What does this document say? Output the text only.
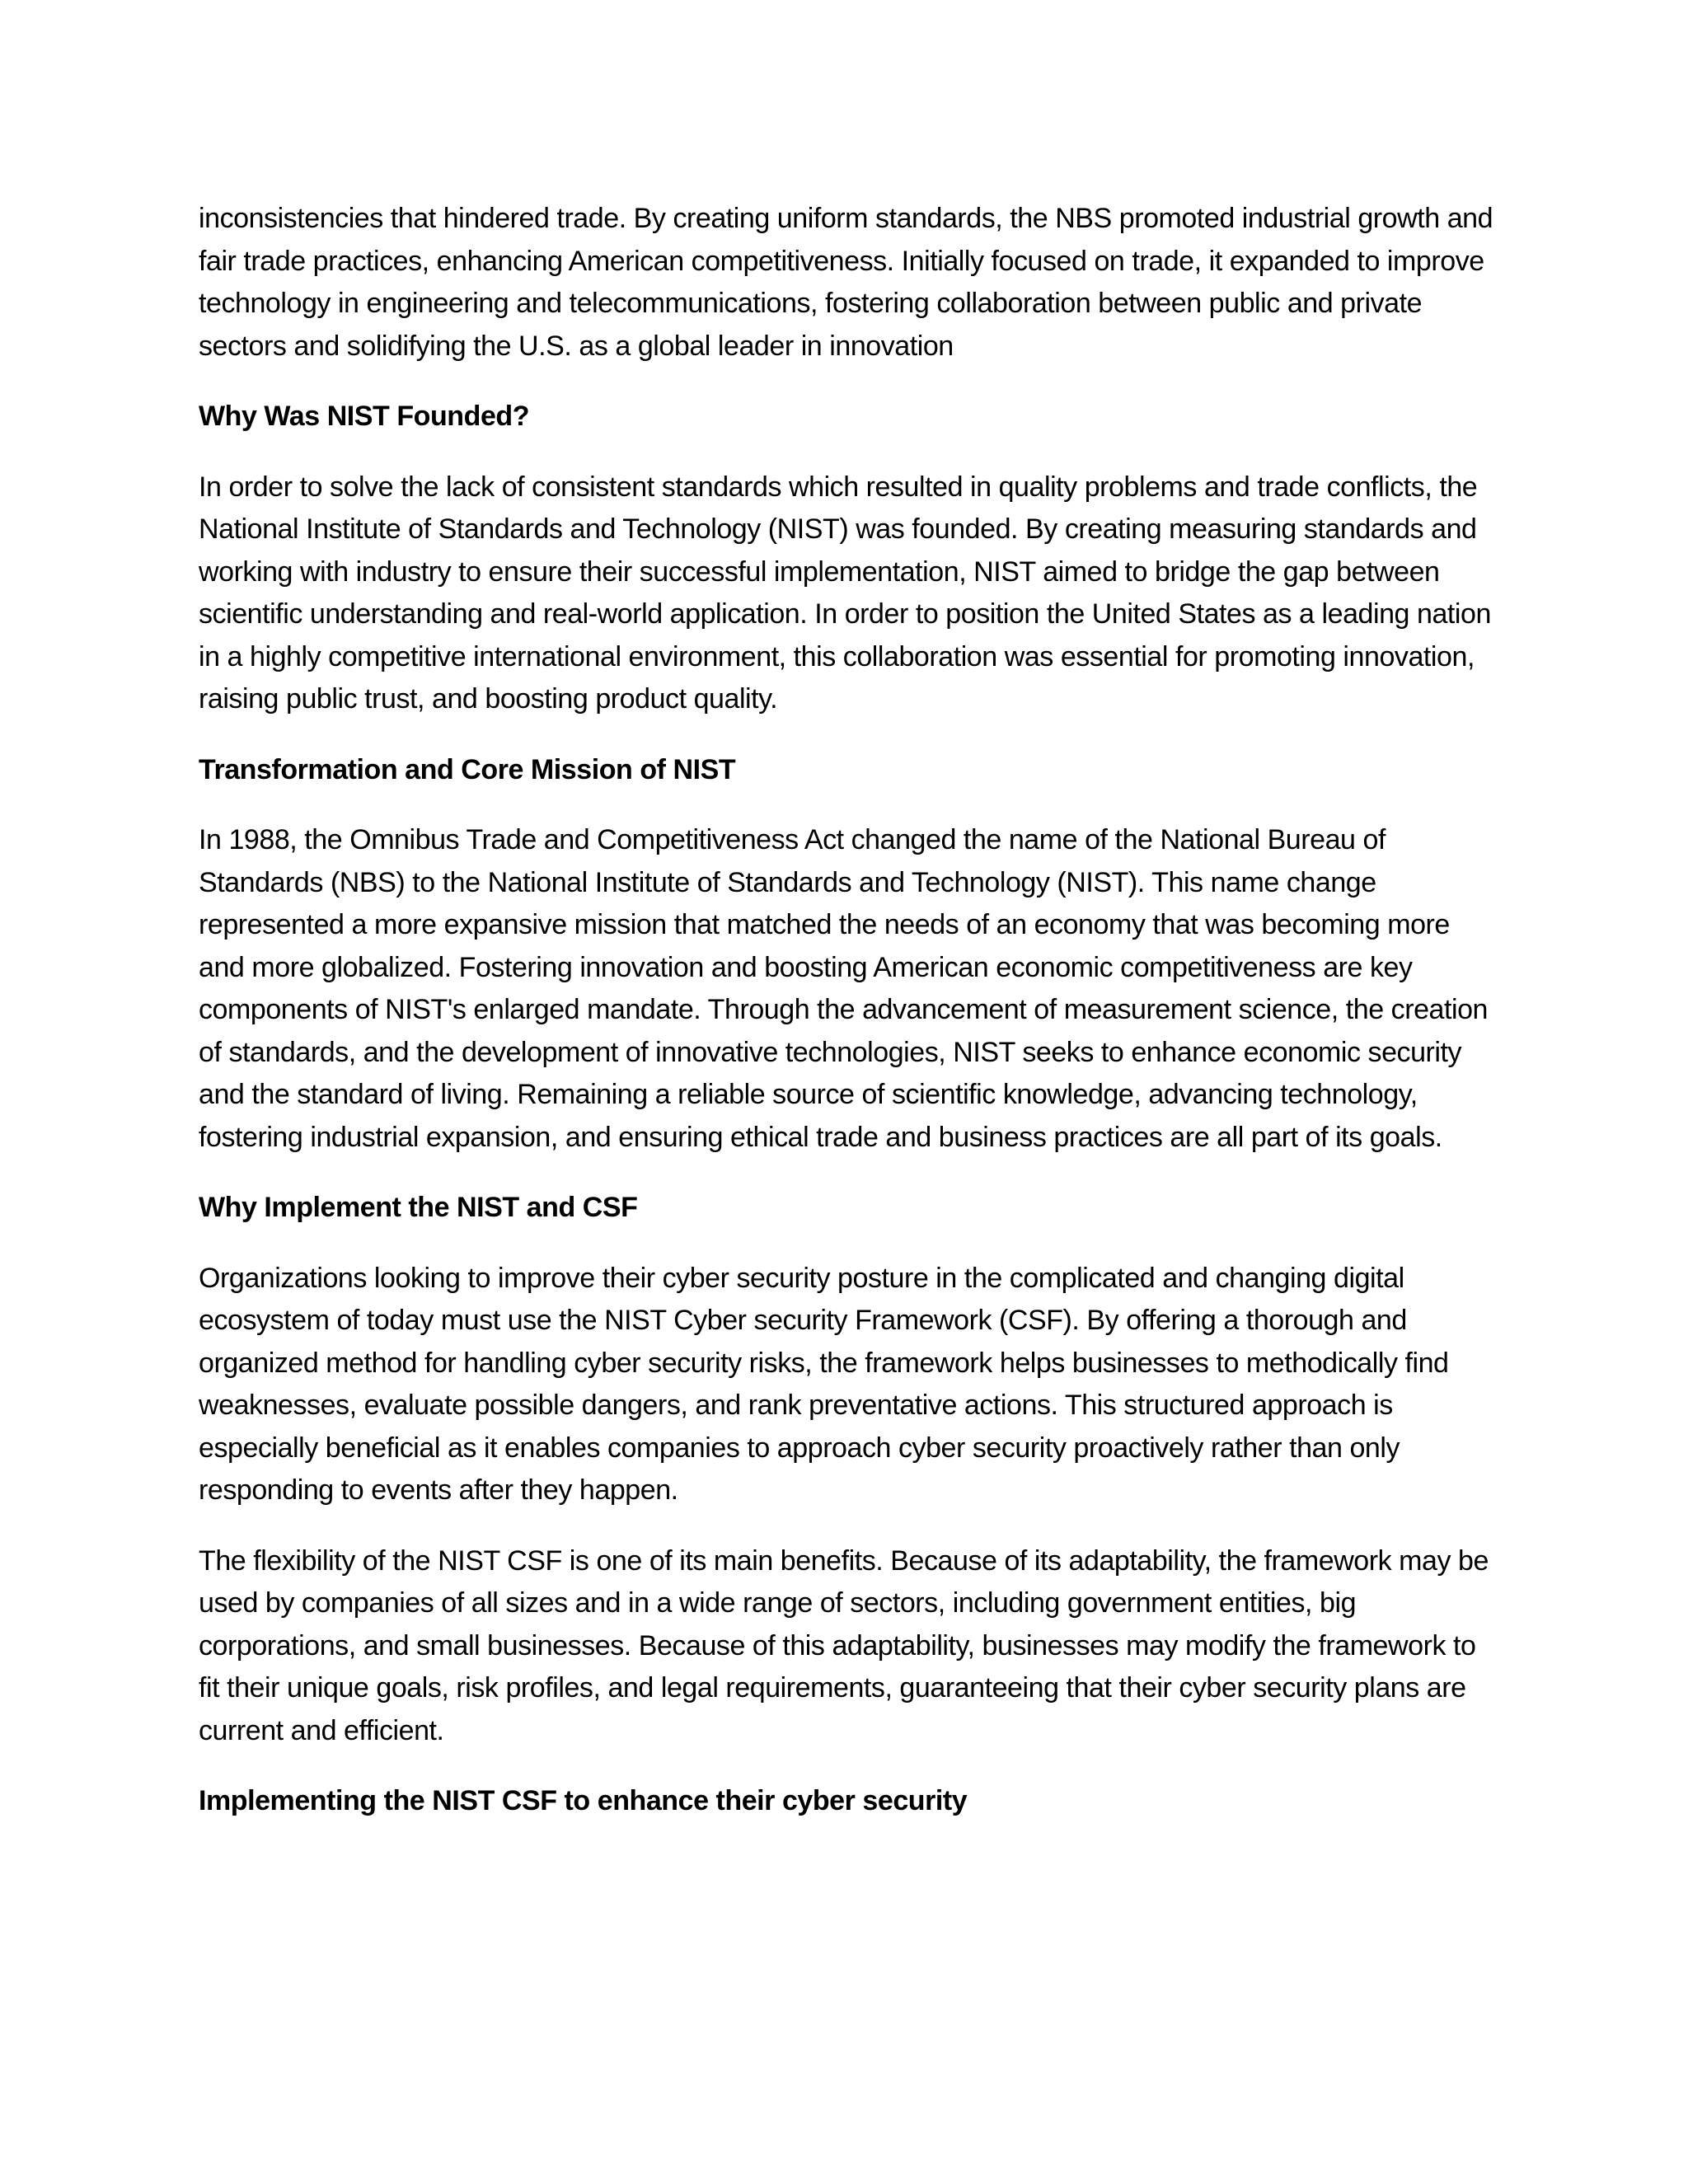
inconsistencies that hindered trade. By creating uniform standards, the NBS promoted industrial growth and fair trade practices, enhancing American competitiveness. Initially focused on trade, it expanded to improve technology in engineering and telecommunications, fostering collaboration between public and private sectors and solidifying the U.S. as a global leader in innovation

Why Was NIST Founded?

In order to solve the lack of consistent standards which resulted in quality problems and trade conflicts, the National Institute of Standards and Technology (NIST) was founded. By creating measuring standards and working with industry to ensure their successful implementation, NIST aimed to bridge the gap between scientific understanding and real-world application. In order to position the United States as a leading nation in a highly competitive international environment, this collaboration was essential for promoting innovation, raising public trust, and boosting product quality.

Transformation and Core Mission of NIST

In 1988, the Omnibus Trade and Competitiveness Act changed the name of the National Bureau of Standards (NBS) to the National Institute of Standards and Technology (NIST). This name change represented a more expansive mission that matched the needs of an economy that was becoming more and more globalized. Fostering innovation and boosting American economic competitiveness are key components of NIST's enlarged mandate. Through the advancement of measurement science, the creation of standards, and the development of innovative technologies, NIST seeks to enhance economic security and the standard of living. Remaining a reliable source of scientific knowledge, advancing technology, fostering industrial expansion, and ensuring ethical trade and business practices are all part of its goals.

Why Implement the NIST and CSF

Organizations looking to improve their cyber security posture in the complicated and changing digital ecosystem of today must use the NIST Cyber security Framework (CSF). By offering a thorough and organized method for handling cyber security risks, the framework helps businesses to methodically find weaknesses, evaluate possible dangers, and rank preventative actions. This structured approach is especially beneficial as it enables companies to approach cyber security proactively rather than only responding to events after they happen.

The flexibility of the NIST CSF is one of its main benefits. Because of its adaptability, the framework may be used by companies of all sizes and in a wide range of sectors, including government entities, big corporations, and small businesses. Because of this adaptability, businesses may modify the framework to fit their unique goals, risk profiles, and legal requirements, guaranteeing that their cyber security plans are current and efficient.

Implementing the NIST CSF to enhance their cyber security
